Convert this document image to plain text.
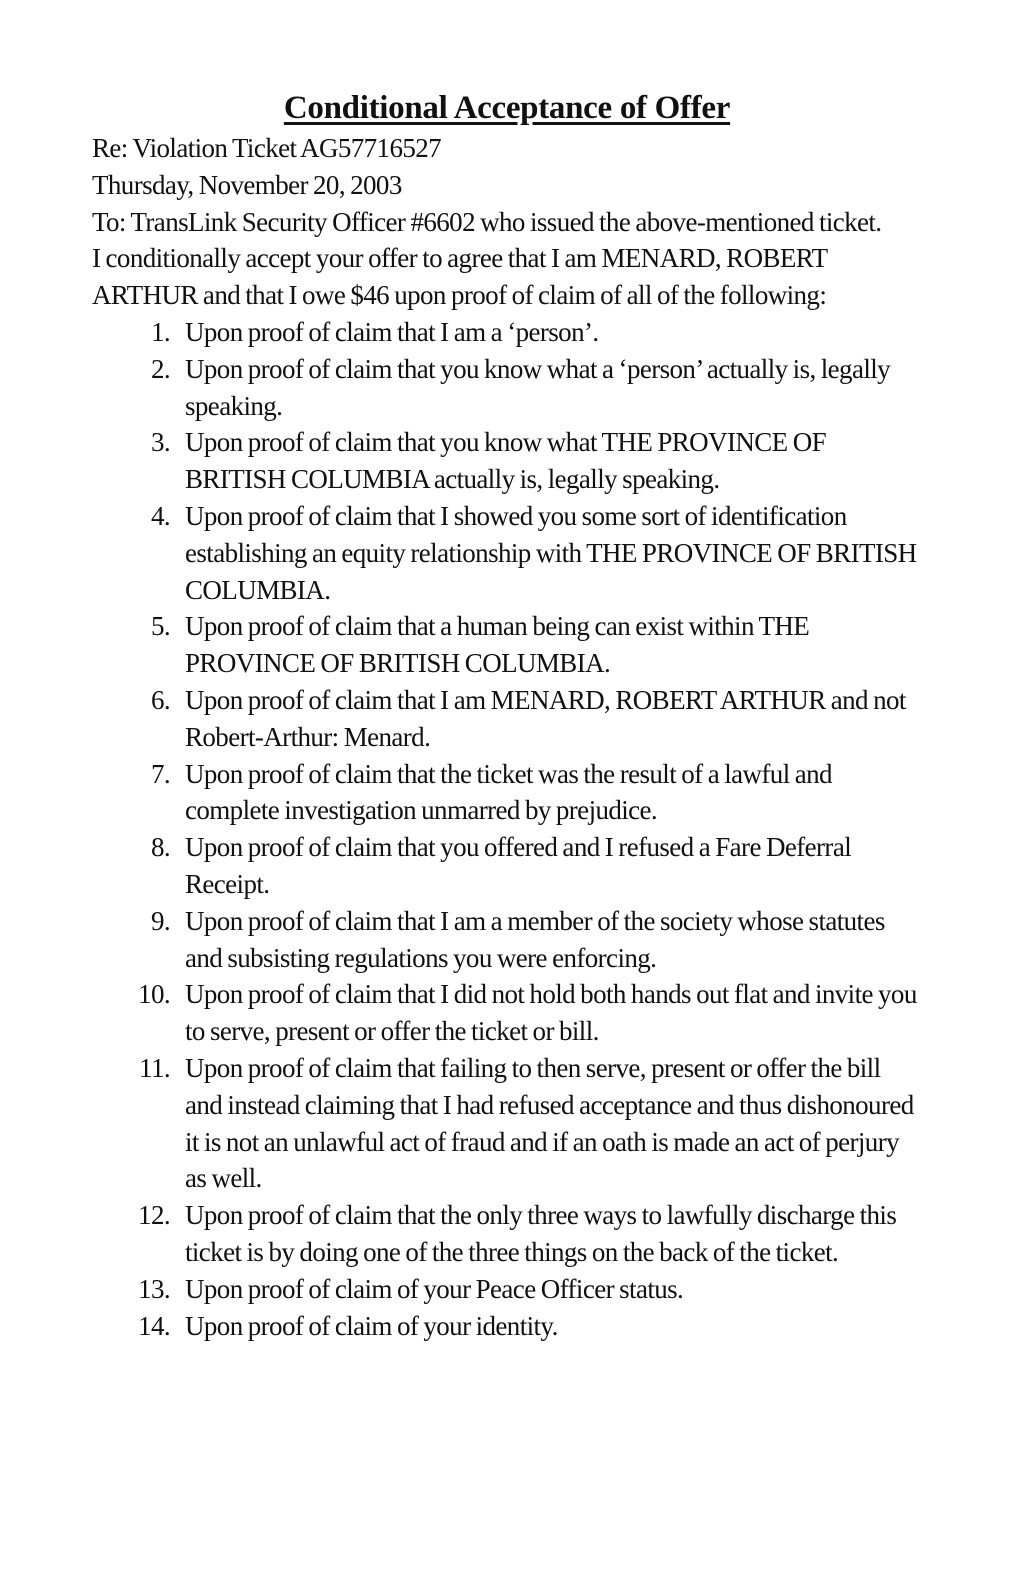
Conditional Acceptance of Offer

Re: Violation Ticket AG57716527

Thursday, November 20, 2003

To: TransLink Security Officer #6602 who issued the above-mentioned ticket.

I conditionally accept your offer to agree that I am MENARD, ROBERT ARTHUR and that I owe $46 upon proof of claim of all of the following:

1. Upon proof of claim that I am a ‘person’.
2. Upon proof of claim that you know what a ‘person’ actually is, legally speaking.
3. Upon proof of claim that you know what THE PROVINCE OF BRITISH COLUMBIA actually is, legally speaking.
4. Upon proof of claim that I showed you some sort of identification establishing an equity relationship with THE PROVINCE OF BRITISH COLUMBIA.
5. Upon proof of claim that a human being can exist within THE PROVINCE OF BRITISH COLUMBIA.
6. Upon proof of claim that I am MENARD, ROBERT ARTHUR and not Robert-Arthur: Menard.
7. Upon proof of claim that the ticket was the result of a lawful and complete investigation unmarred by prejudice.
8. Upon proof of claim that you offered and I refused a Fare Deferral Receipt.
9. Upon proof of claim that I am a member of the society whose statutes and subsisting regulations you were enforcing.
10. Upon proof of claim that I did not hold both hands out flat and invite you to serve, present or offer the ticket or bill.
11. Upon proof of claim that failing to then serve, present or offer the bill and instead claiming that I had refused acceptance and thus dishonoured it is not an unlawful act of fraud and if an oath is made an act of perjury as well.
12. Upon proof of claim that the only three ways to lawfully discharge this ticket is by doing one of the three things on the back of the ticket.
13. Upon proof of claim of your Peace Officer status.
14. Upon proof of claim of your identity.
